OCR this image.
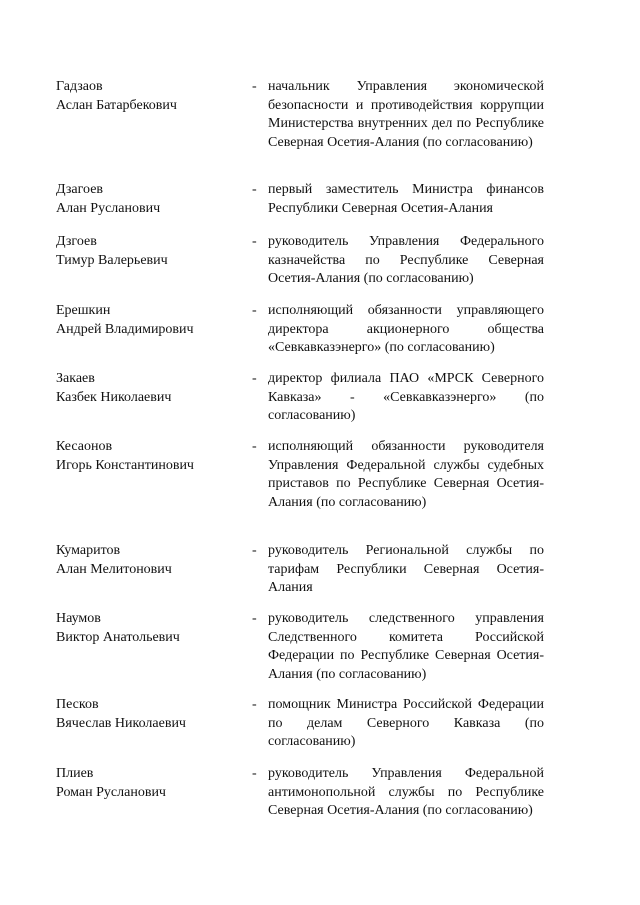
Гадзаов
Аслан Батарбекович
- начальник Управления экономической безопасности и противодействия коррупции Министерства внутренних дел по Республике Северная Осетия-Алания (по согласованию)
Дзагоев
Алан Русланович
- первый заместитель Министра финансов Республики Северная Осетия-Алания
Дзгоев
Тимур Валерьевич
- руководитель Управления Федерального казначейства по Республике Северная Осетия-Алания (по согласованию)
Ерешкин
Андрей Владимирович
- исполняющий обязанности управляющего директора акционерного общества «Севкавказэнерго» (по согласованию)
Закаев
Казбек Николаевич
- директор филиала ПАО «МРСК Северного Кавказа» - «Севкавказэнерго» (по согласованию)
Кесаонов
Игорь Константинович
- исполняющий обязанности руководителя Управления Федеральной службы судебных приставов по Республике Северная Осетия-Алания (по согласованию)
Кумаритов
Алан Мелитонович
- руководитель Региональной службы по тарифам Республики Северная Осетия-Алания
Наумов
Виктор Анатольевич
- руководитель следственного управления Следственного комитета Российской Федерации по Республике Северная Осетия-Алания (по согласованию)
Песков
Вячеслав Николаевич
- помощник Министра Российской Федерации по делам Северного Кавказа (по согласованию)
Плиев
Роман Русланович
- руководитель Управления Федеральной антимонопольной службы по Республике Северная Осетия-Алания (по согласованию)
